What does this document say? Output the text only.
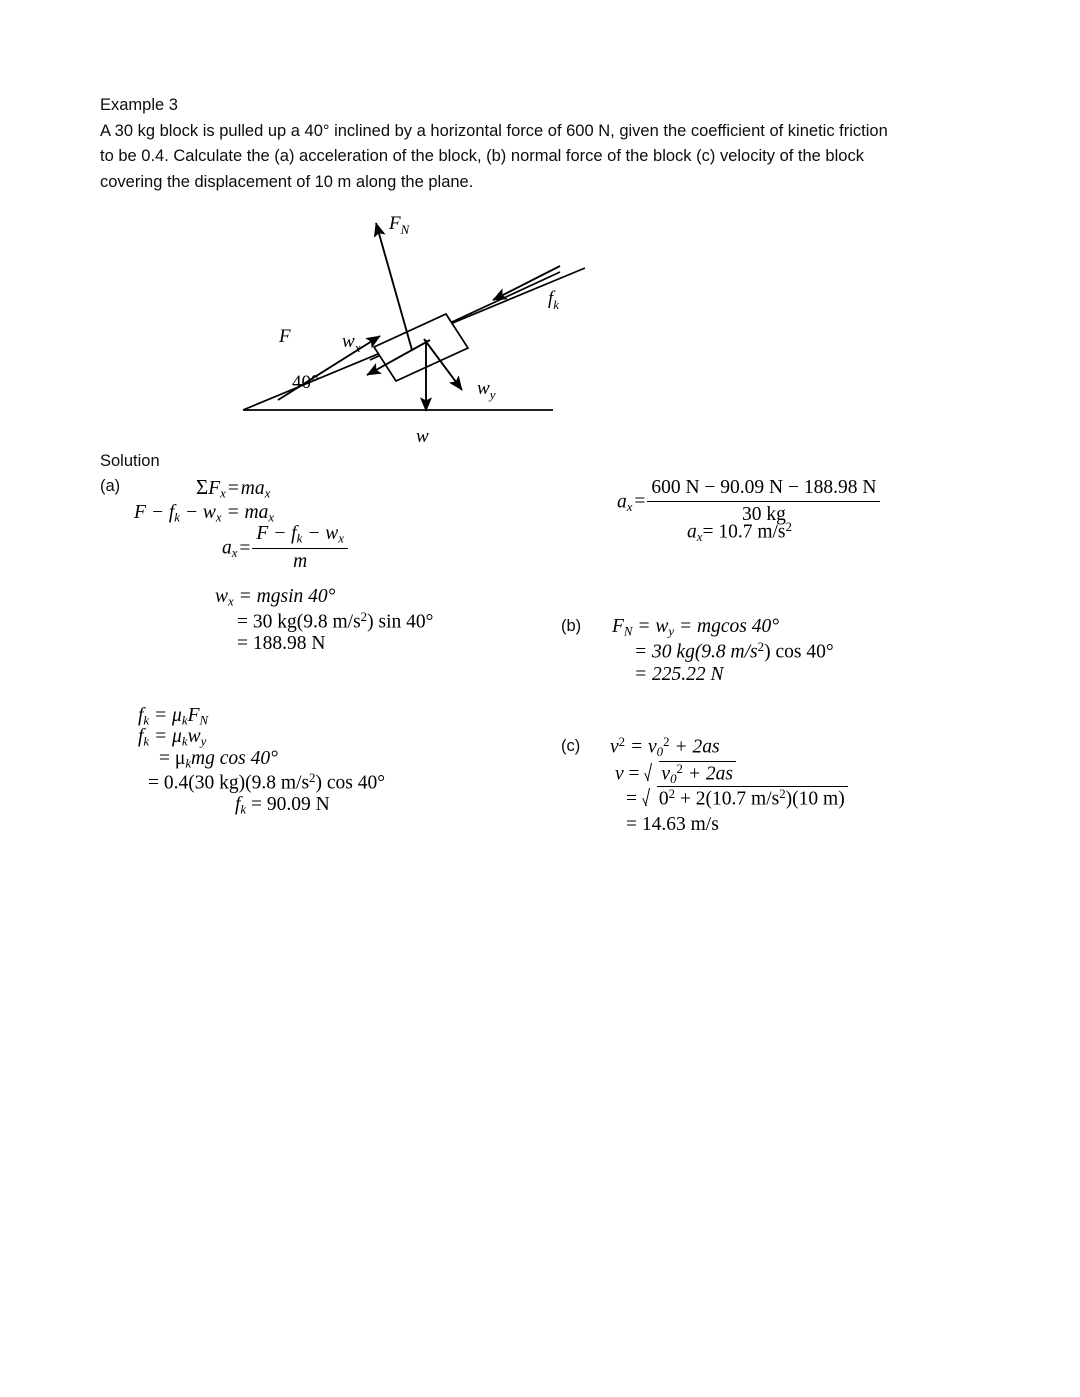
Example 3

A 30 kg block is pulled up a 40° inclined by a horizontal force of 600 N, given the coefficient of kinetic friction

to be 0.4. Calculate the (a) acceleration of the block, (b) normal force of the block (c) velocity of the block

covering the displacement of 10 m along the plane.

$F_N$
F	$w_x$
$f_k$
$w_y$
w
40°
Solution
(a)
(b)
(c)
$\Sigma F_x=ma_x$
$F - f_k - w_x = ma_x$
$a_x= \frac{F - f_k - w_x}{m}$
$a_x= \frac{600 N - 90.09 N - 188.98 N}{30 kg}$
$a_x= 10.7$ $m/s^2$
$w_x = mgsin$ 40°
= 30 kg(9.8 $m/s^2$) sin 40°
= 188.98 N
$F_N = w_y = mgcos$ 40°
= 30 kg(9.8 $m/s^2$) cos 40°
= 225.22 N
$f_k = \mu_kF_N$
$f_k = \mu_kw_y$
= $\mu_kmg$ cos 40°
= 0.4(30 kg)(9.8 $m/s^2$) cos 40°
$f_k = 90.09$ N
$v^2 = v_0^2 + 2as$
$v = v_0^2 + 2as$
= $0^2 + 2(10.7$ $m/s^2)(10$ m)
= 14.63 m/s
